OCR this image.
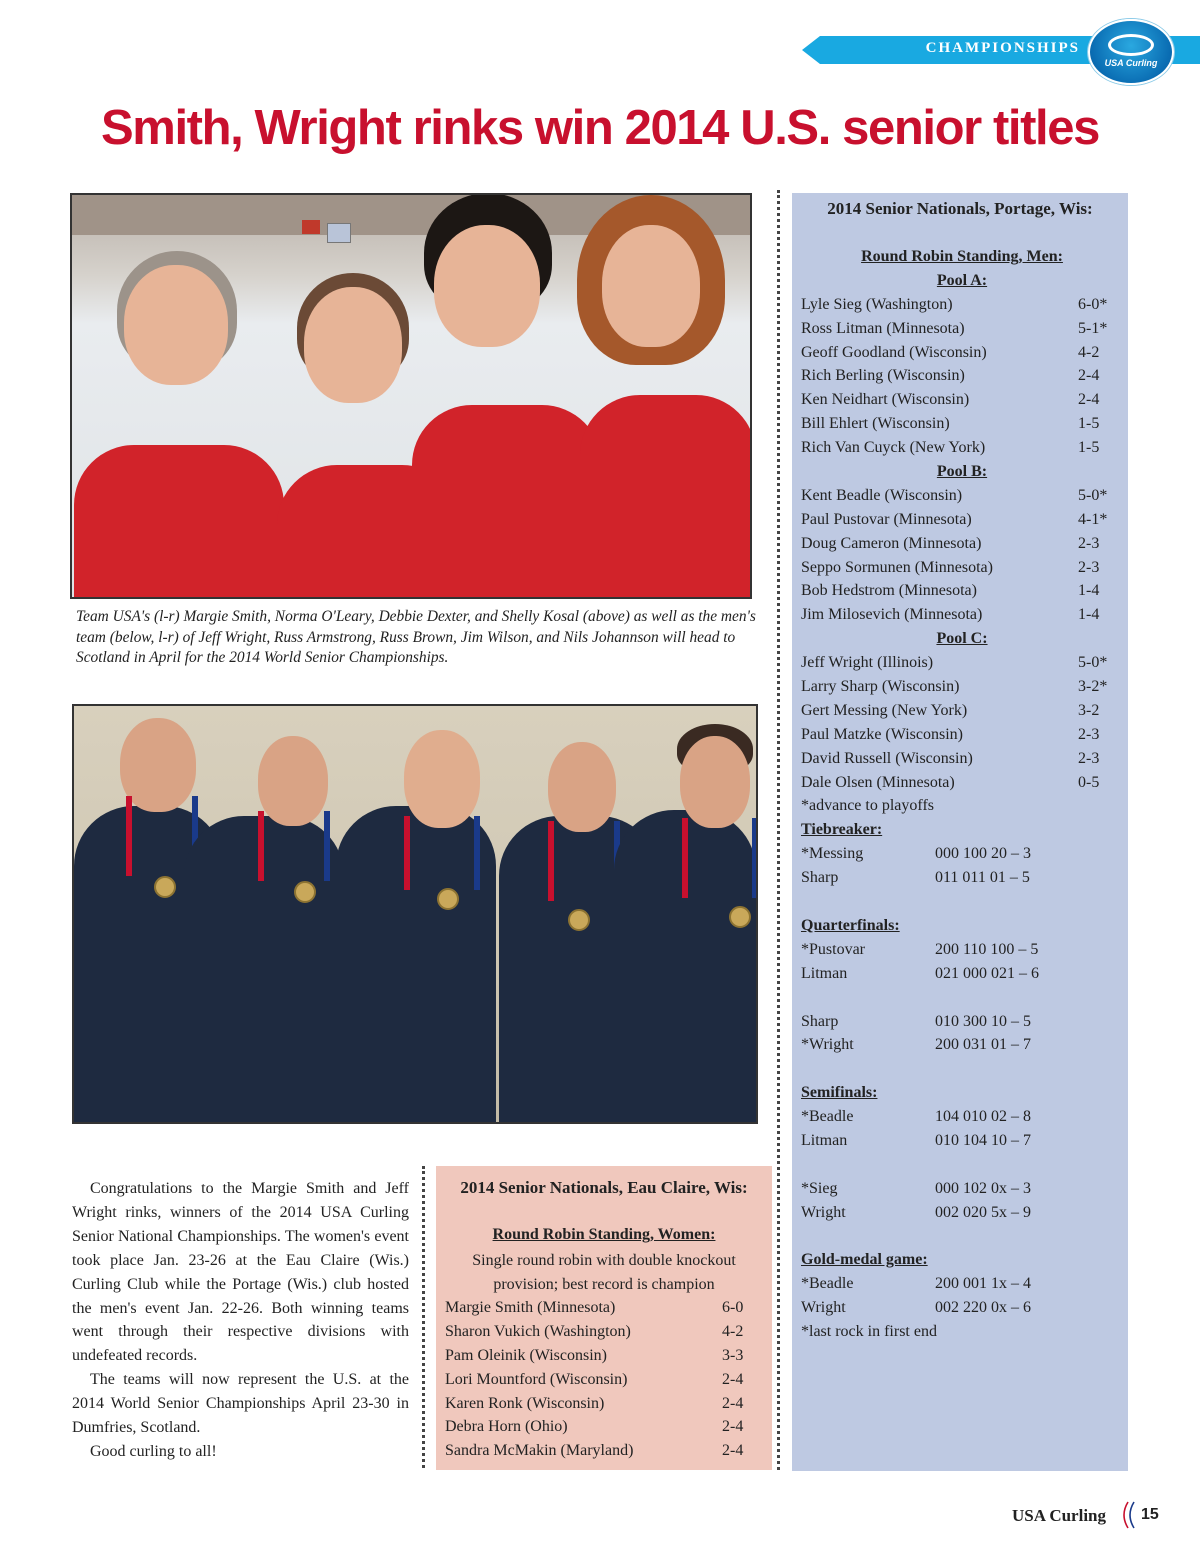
CHAMPIONSHIPS
USA Curling
Smith, Wright rinks win 2014 U.S. senior titles
Team USA's (l-r) Margie Smith, Norma O'Leary, Debbie Dexter, and Shelly Kosal (above) as well as the men's team (below, l-r) of Jeff Wright, Russ Armstrong, Russ Brown, Jim Wilson, and Nils Johannson will head to Scotland in April for the 2014 World Senior Championships.

Congratulations to the Margie Smith and Jeff Wright rinks, winners of the 2014 USA Curling Senior National Championships. The women's event took place Jan. 23-26 at the Eau Claire (Wis.) Curling Club while the Portage (Wis.) club hosted the men's event Jan. 22-26. Both winning teams went through their respective divisions with undefeated records.

The teams will now represent the U.S. at the 2014 World Senior Championships April 23-30 in Dumfries, Scotland.

Good curling to all!

2014 Senior Nationals, Eau Claire, Wis:
Round Robin Standing, Women:
Single round robin with double knockout
provision; best record is champion
Margie Smith (Minnesota)	6-0
Sharon Vukich (Washington)	4-2
Pam Oleinik (Wisconsin)	3-3
Lori Mountford (Wisconsin)	2-4
Karen Ronk (Wisconsin)	2-4
Debra Horn (Ohio)	2-4
Sandra McMakin (Maryland)	2-4
2014 Senior Nationals, Portage, Wis:
Round Robin Standing, Men:
Pool A:
Lyle Sieg (Washington)	6-0*
Ross Litman (Minnesota)	5-1*
Geoff Goodland (Wisconsin)	4-2
Rich Berling (Wisconsin)	2-4
Ken Neidhart (Wisconsin)	2-4
Bill Ehlert (Wisconsin)	1-5
Rich Van Cuyck (New York)	1-5
Pool B:
Kent Beadle (Wisconsin)	5-0*
Paul Pustovar (Minnesota)	4-1*
Doug Cameron (Minnesota)	2-3
Seppo Sormunen (Minnesota)	2-3
Bob Hedstrom (Minnesota)	1-4
Jim Milosevich (Minnesota)	1-4
Pool C:
Jeff Wright (Illinois)	5-0*
Larry Sharp (Wisconsin)	3-2*
Gert Messing (New York)	3-2
Paul Matzke (Wisconsin)	2-3
David Russell (Wisconsin)	2-3
Dale Olsen (Minnesota)	0-5
*advance to playoffs
Tiebreaker:
*Messing	000 100 20 – 3
Sharp	011 011 01 – 5
Quarterfinals:
*Pustovar	200 110 100 – 5
Litman	021 000 021 – 6
Sharp	010 300 10 – 5
*Wright	200 031 01 – 7
Semifinals:
*Beadle	104 010 02 – 8
Litman	010 104 10 – 7
*Sieg	000 102 0x – 3
Wright	002 020 5x – 9
Gold-medal game:
*Beadle	200 001 1x – 4
Wright	002 220 0x – 6
*last rock in first end
USA Curling 15
